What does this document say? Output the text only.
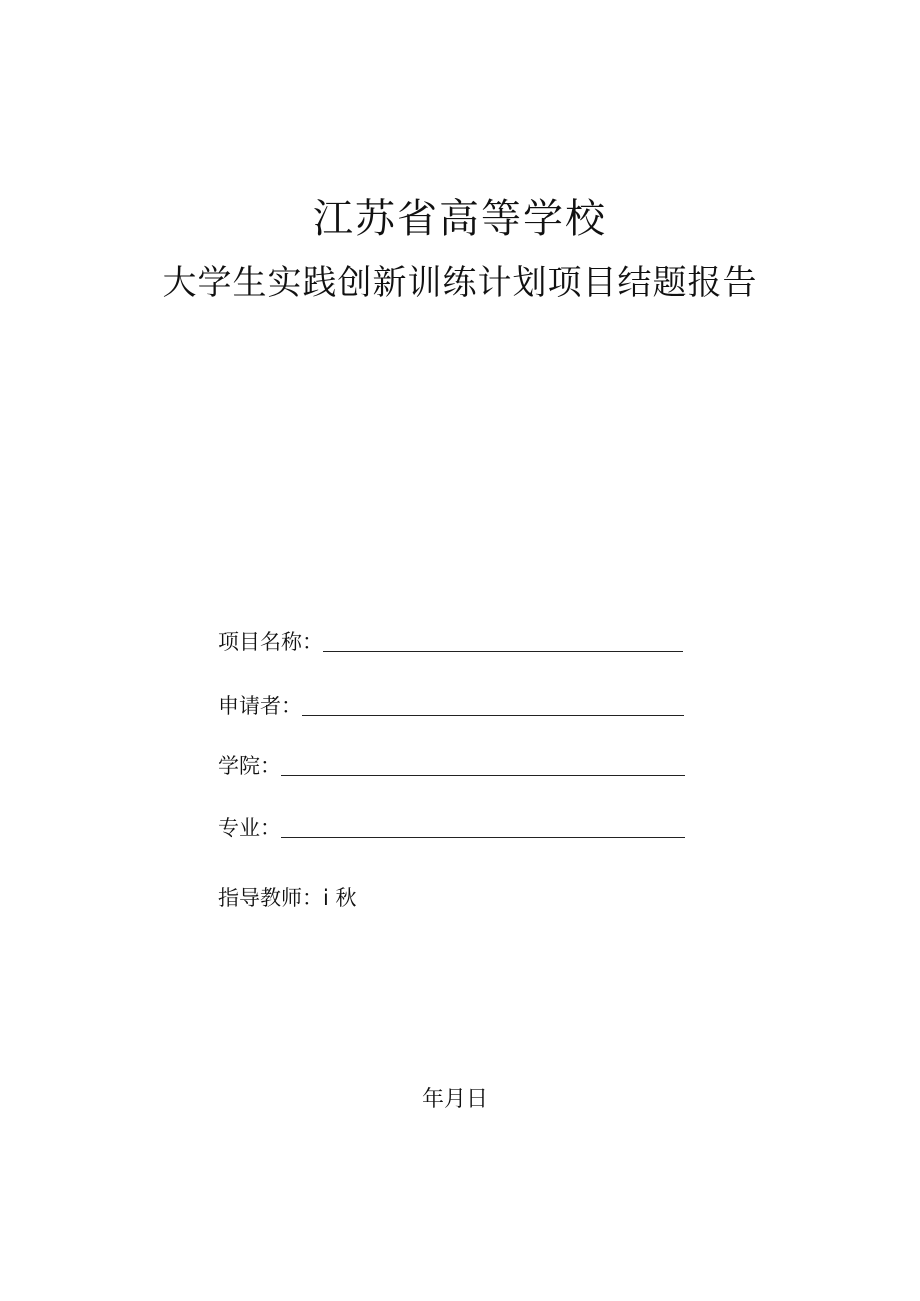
江苏省高等学校
大学生实践创新训练计划项目结题报告
项目名称：
申请者：
学院：
专业：
指导教师： i 秋
年月日
